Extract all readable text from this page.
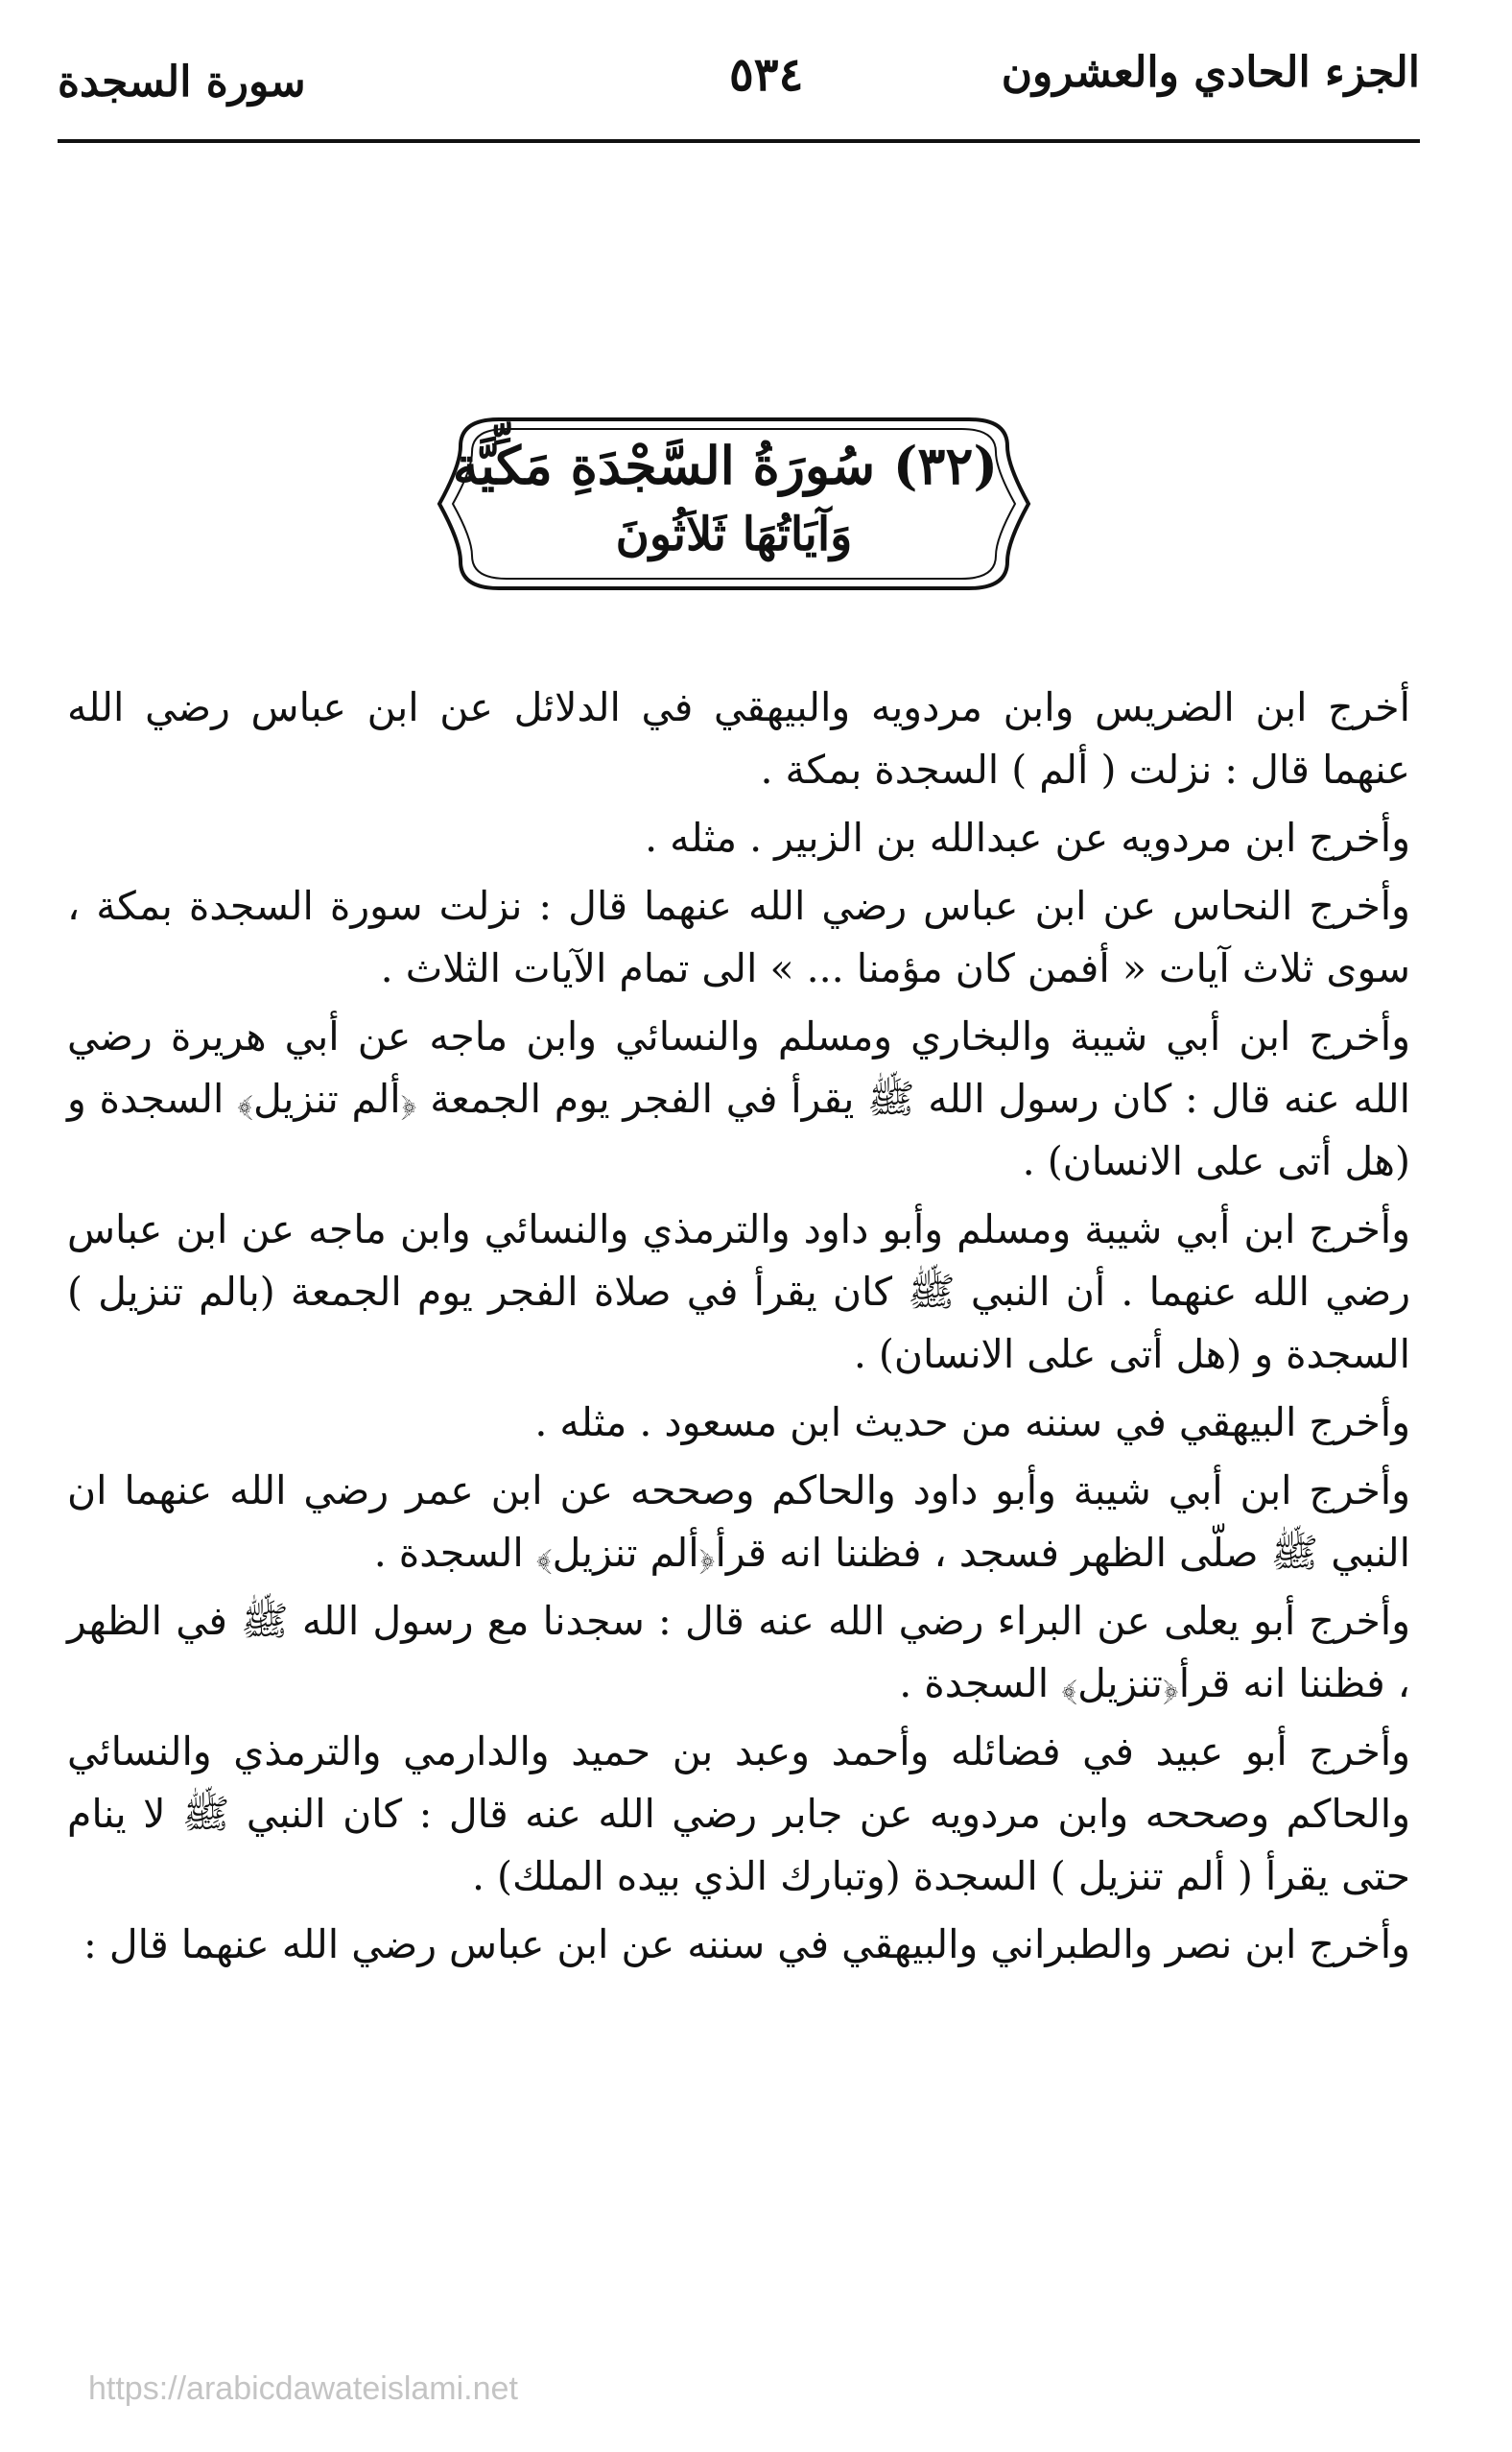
الجزء الحادي والعشرون
٥٣٤
سورة السجدة
(٣٢) سُورَةُ السَّجْدَةِ مَكِّيَّة
وَآيَاتُهَا ثَلاَثُونَ

أخرج ابن الضريس وابن مردويه والبيهقي في الدلائل عن ابن عباس رضي الله عنهما قال : نزلت ( ألم ) السجدة بمكة .

وأخرج ابن مردويه عن عبدالله بن الزبير . مثله .

وأخرج النحاس عن ابن عباس رضي الله عنهما قال : نزلت سورة السجدة بمكة ، سوى ثلاث آيات « أفمن كان مؤمنا ... » الى تمام الآيات الثلاث .

وأخرج ابن أبي شيبة والبخاري ومسلم والنسائي وابن ماجه عن أبي هريرة رضي الله عنه قال : كان رسول الله ﷺ يقرأ في الفجر يوم الجمعة ﴿ألم تنزيل﴾ السجدة و (هل أتى على الانسان) .

وأخرج ابن أبي شيبة ومسلم وأبو داود والترمذي والنسائي وابن ماجه عن ابن عباس رضي الله عنهما . أن النبي ﷺ كان يقرأ في صلاة الفجر يوم الجمعة (بالم تنزيل ) السجدة و (هل أتى على الانسان) .

وأخرج البيهقي في سننه من حديث ابن مسعود . مثله .

وأخرج ابن أبي شيبة وأبو داود والحاكم وصححه عن ابن عمر رضي الله عنهما ان النبي ﷺ صلّى الظهر فسجد ، فظننا انه قرأ﴿ألم تنزيل﴾ السجدة .

وأخرج أبو يعلى عن البراء رضي الله عنه قال : سجدنا مع رسول الله ﷺ في الظهر ، فظننا انه قرأ﴿تنزيل﴾ السجدة .

وأخرج أبو عبيد في فضائله وأحمد وعبد بن حميد والدارمي والترمذي والنسائي والحاكم وصححه وابن مردويه عن جابر رضي الله عنه قال : كان النبي ﷺ لا ينام حتى يقرأ ( ألم تنزيل ) السجدة (وتبارك الذي بيده الملك) .

وأخرج ابن نصر والطبراني والبيهقي في سننه عن ابن عباس رضي الله عنهما قال :

https://arabicdawateislami.net
